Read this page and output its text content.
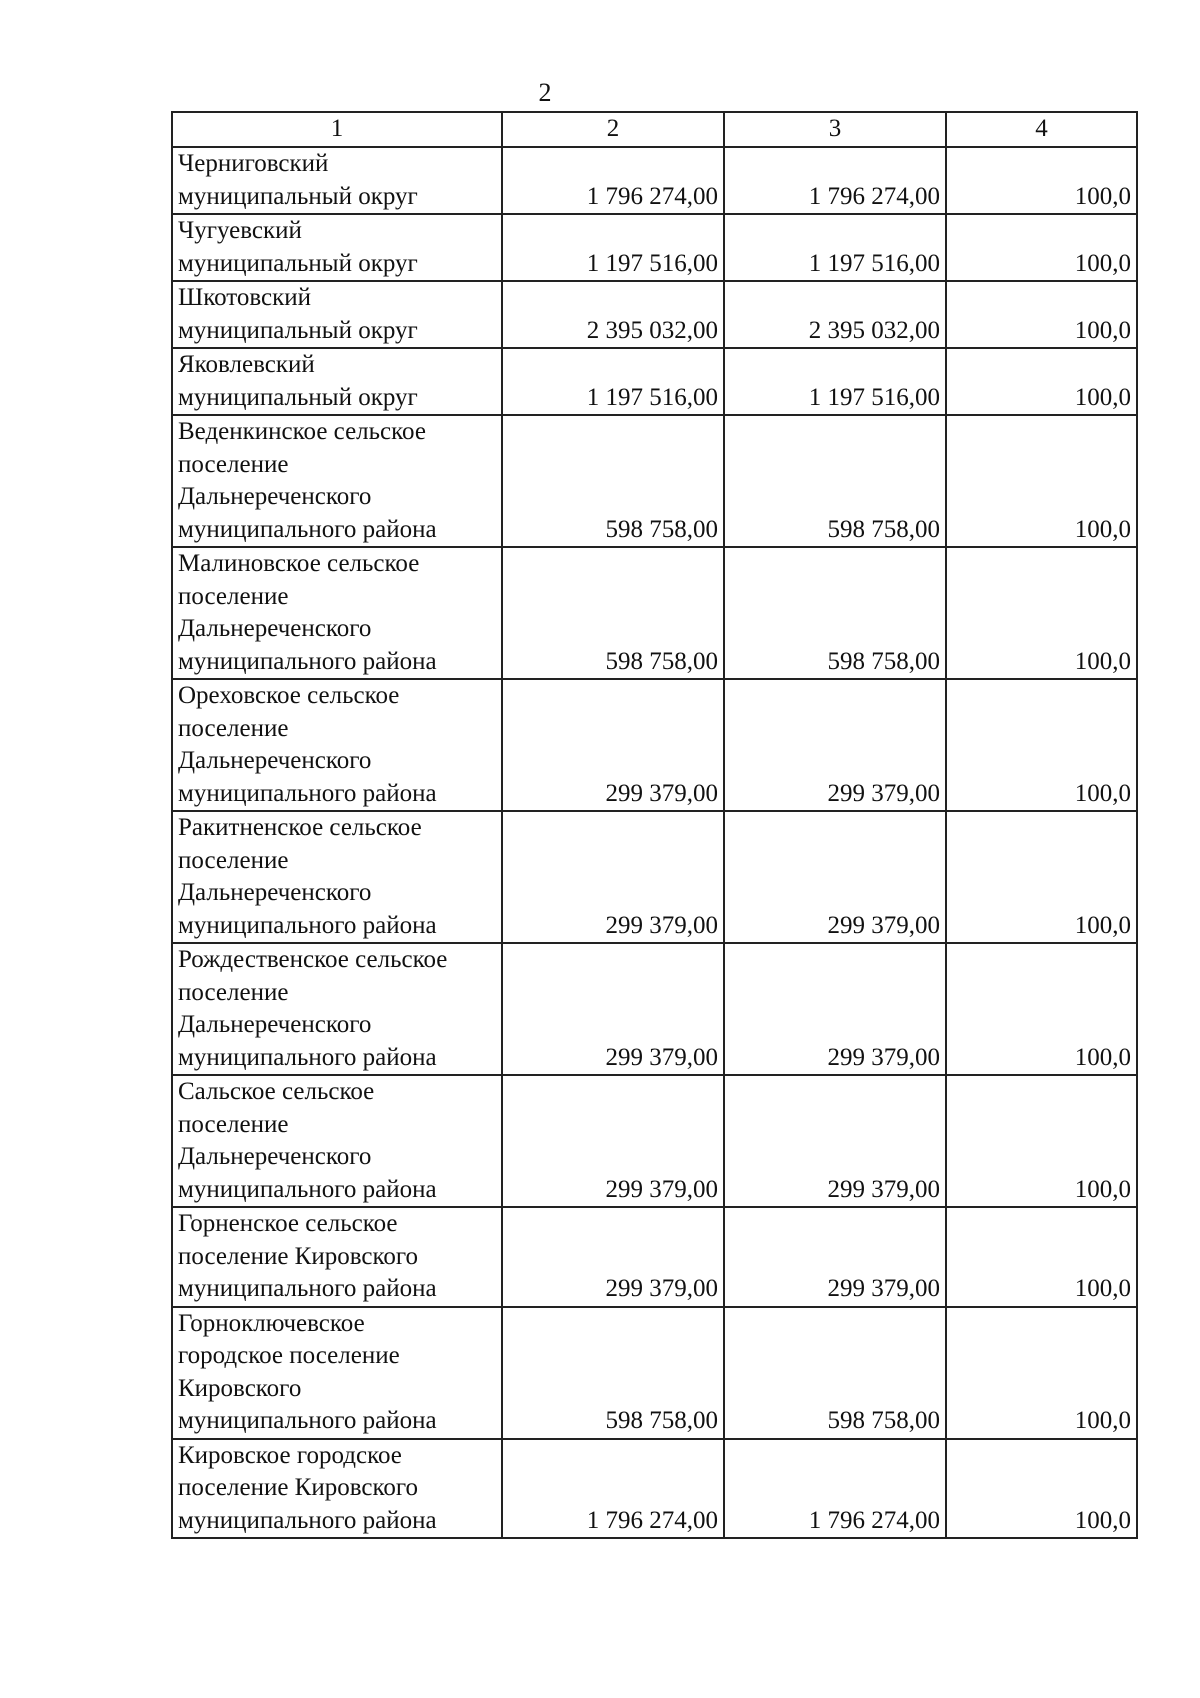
2
1	2	3	4
Черниговский
муниципальный округ	1 796 274,00	1 796 274,00	100,0
Чугуевский
муниципальный округ	1 197 516,00	1 197 516,00	100,0
Шкотовский
муниципальный округ	2 395 032,00	2 395 032,00	100,0
Яковлевский
муниципальный округ	1 197 516,00	1 197 516,00	100,0
Веденкинское сельское
поселение
Дальнереченского
муниципального района	598 758,00	598 758,00	100,0
Малиновское сельское
поселение
Дальнереченского
муниципального района	598 758,00	598 758,00	100,0
Ореховское сельское
поселение
Дальнереченского
муниципального района	299 379,00	299 379,00	100,0
Ракитненское сельское
поселение
Дальнереченского
муниципального района	299 379,00	299 379,00	100,0
Рождественское сельское
поселение
Дальнереченского
муниципального района	299 379,00	299 379,00	100,0
Сальское сельское
поселение
Дальнереченского
муниципального района	299 379,00	299 379,00	100,0
Горненское сельское
поселение Кировского
муниципального района	299 379,00	299 379,00	100,0
Горноключевское
городское поселение
Кировского
муниципального района	598 758,00	598 758,00	100,0
Кировское городское
поселение Кировского
муниципального района	1 796 274,00	1 796 274,00	100,0
